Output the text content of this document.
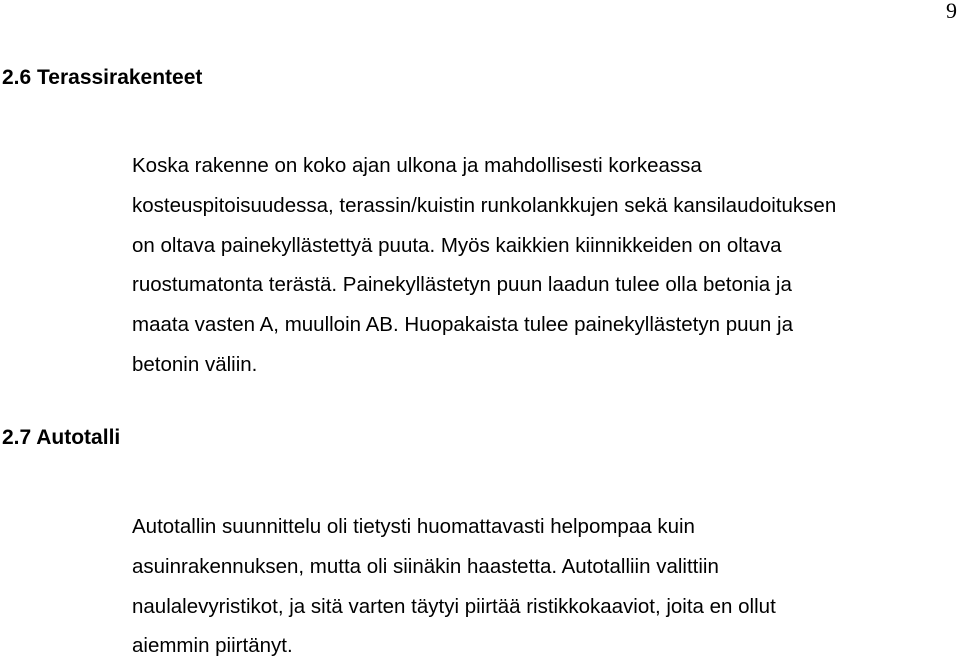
9
2.6 Terassirakenteet

Koska rakenne on koko ajan ulkona ja mahdollisesti korkeassa
kosteuspitoisuudessa, terassin/kuistin runkolankkujen sekä kansilaudoituksen
on oltava painekyllästettyä puuta. Myös kaikkien kiinnikkeiden on oltava
ruostumatonta terästä. Painekyllästetyn puun laadun tulee olla betonia ja
maata vasten A, muulloin AB. Huopakaista tulee painekyllästetyn puun ja
betonin väliin.

2.7 Autotalli

Autotallin suunnittelu oli tietysti huomattavasti helpompaa kuin
asuinrakennuksen, mutta oli siinäkin haastetta. Autotalliin valittiin
naulalevyristikot, ja sitä varten täytyi piirtää ristikkokaaviot, joita en ollut
aiemmin piirtänyt.
